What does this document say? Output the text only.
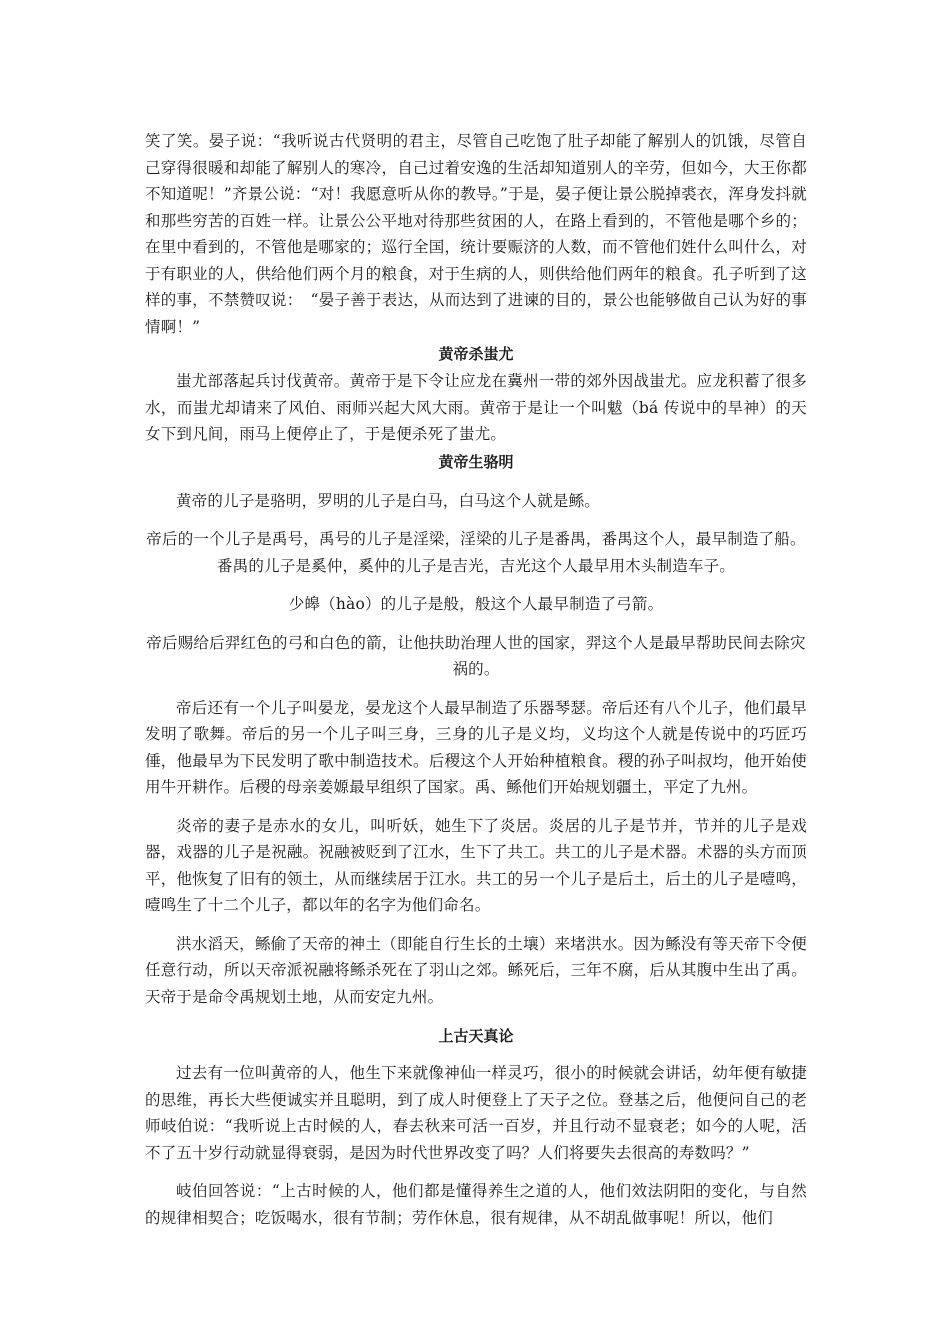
笑了笑。晏子说：“我听说古代贤明的君主，尽管自己吃饱了肚子却能了解别人的饥饿，尽管自己穿得很暖和却能了解别人的寒冷，自己过着安逸的生活却知道别人的辛劳，但如今，大王你都不知道呢！”齐景公说：“对！我愿意听从你的教导。”于是，晏子便让景公脱掉裘衣，浑身发抖就和那些穷苦的百姓一样。让景公公平地对待那些贫困的人，在路上看到的，不管他是哪个乡的；在里中看到的，不管他是哪家的；巡行全国，统计要赈济的人数，而不管他们姓什么叫什么，对于有职业的人，供给他们两个月的粮食，对于生病的人，则供给他们两年的粮食。孔子听到了这样的事，不禁赞叹说：　“晏子善于表达，从而达到了进谏的目的，景公也能够做自己认为好的事情啊！”

黄帝杀蚩尤

蚩尤部落起兵讨伐黄帝。黄帝于是下令让应龙在冀州一带的郊外因战蚩尤。应龙积蓄了很多水，而蚩尤却请来了风伯、雨师兴起大风大雨。黄帝于是让一个叫魃（bá 传说中的旱神）的天女下到凡间，雨马上便停止了，于是便杀死了蚩尤。

黄帝生骆明

黄帝的儿子是骆明，罗明的儿子是白马，白马这个人就是鲧。

帝后的一个儿子是禹号，禹号的儿子是淫梁，淫梁的儿子是番禺，番禺这个人，最早制造了船。番禺的儿子是奚仲，奚仲的儿子是吉光，吉光这个人最早用木头制造车子。

少皞（hào）的儿子是般，般这个人最早制造了弓箭。

帝后赐给后羿红色的弓和白色的箭，让他扶助治理人世的国家，羿这个人是最早帮助民间去除灾祸的。

帝后还有一个儿子叫晏龙，晏龙这个人最早制造了乐器琴瑟。帝后还有八个儿子，他们最早发明了歌舞。帝后的另一个儿子叫三身，三身的儿子是义均，义均这个人就是传说中的巧匠巧倕，他最早为下民发明了歌中制造技术。后稷这个人开始种植粮食。稷的孙子叫叔均，他开始使用牛开耕作。后稷的母亲姜嫄最早组织了国家。禹、鲧他们开始规划疆土，平定了九州。

炎帝的妻子是赤水的女儿，叫听妖，她生下了炎居。炎居的儿子是节并，节并的儿子是戏器，戏器的儿子是祝融。祝融被贬到了江水，生下了共工。共工的儿子是术器。术器的头方而顶平，他恢复了旧有的领土，从而继续居于江水。共工的另一个儿子是后土，后土的儿子是噎鸣，噎鸣生了十二个儿子，都以年的名字为他们命名。

洪水滔天，鲧偷了天帝的神土（即能自行生长的土壤）来堵洪水。因为鲧没有等天帝下令便任意行动，所以天帝派祝融将鲧杀死在了羽山之郊。鲧死后，三年不腐，后从其腹中生出了禹。天帝于是命令禹规划土地，从而安定九州。

上古天真论

过去有一位叫黄帝的人，他生下来就像神仙一样灵巧，很小的时候就会讲话，幼年便有敏捷的思维，再长大些便诚实并且聪明，到了成人时便登上了天子之位。登基之后，他便问自己的老师岐伯说：“我听说上古时候的人，春去秋来可活一百岁，并且行动不显衰老；如今的人呢，活不了五十岁行动就显得衰弱，是因为时代世界改变了吗？人们将要失去很高的寿数吗？”

岐伯回答说：“上古时候的人，他们都是懂得养生之道的人，他们效法阴阳的变化，与自然的规律相契合；吃饭喝水，很有节制；劳作休息，很有规律，从不胡乱做事呢！所以，他们
